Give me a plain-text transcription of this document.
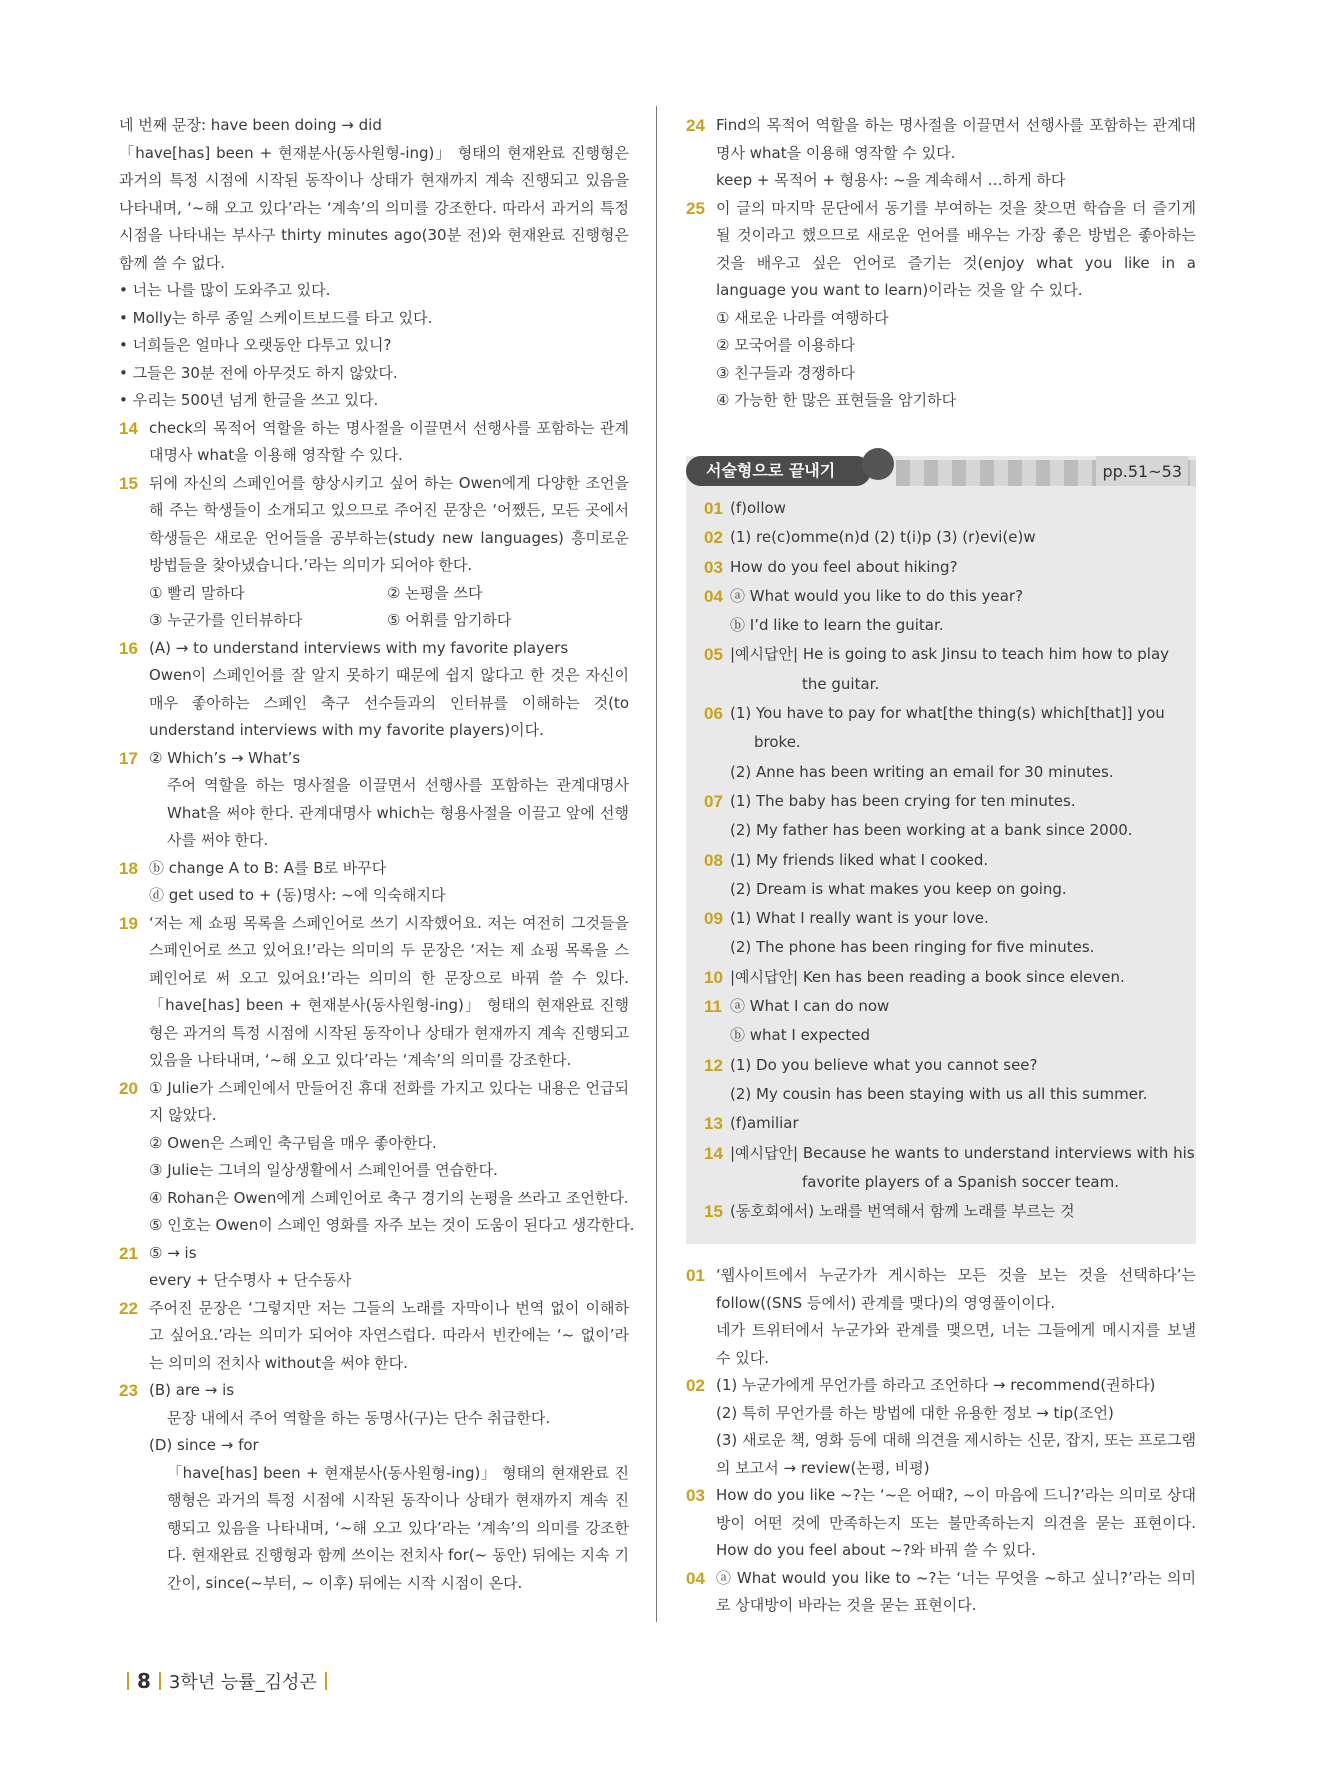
네 번째 문장: have been doing → did
「have[has] been + 현재분사(동사원형-ing)」 형태의 현재완료 진행형은 과거의 특정 시점에 시작된 동작이나 상태가 현재까지 계속 진행되고 있음을 나타내며, ‘~해 오고 있다’라는 ‘계속’의 의미를 강조한다. 따라서 과거의 특정 시점을 나타내는 부사구 thirty minutes ago(30분 전)와 현재완료 진행형은 함께 쓸 수 없다.
• 너는 나를 많이 도와주고 있다.
• Molly는 하루 종일 스케이트보드를 타고 있다.
• 너희들은 얼마나 오랫동안 다투고 있니?
• 그들은 30분 전에 아무것도 하지 않았다.
• 우리는 500년 넘게 한글을 쓰고 있다.
14 check의 목적어 역할을 하는 명사절을 이끌면서 선행사를 포함하는 관계대명사 what을 이용해 영작할 수 있다.
15 뒤에 자신의 스페인어를 향상시키고 싶어 하는 Owen에게 다양한 조언을 해 주는 학생들이 소개되고 있으므로 주어진 문장은 ‘어쨌든, 모든 곳에서 학생들은 새로운 언어들을 공부하는(study new languages) 흥미로운 방법들을 찾아냈습니다.’라는 의미가 되어야 한다.
① 빨리 말하다	② 논평을 쓰다
③ 누군가를 인터뷰하다	⑤ 어휘를 암기하다
16 (A) → to understand interviews with my favorite players
Owen이 스페인어를 잘 알지 못하기 때문에 쉽지 않다고 한 것은 자신이 매우 좋아하는 스페인 축구 선수들과의 인터뷰를 이해하는 것(to understand interviews with my favorite players)이다.
17 ② Which’s → What’s
주어 역할을 하는 명사절을 이끌면서 선행사를 포함하는 관계대명사 What을 써야 한다. 관계대명사 which는 형용사절을 이끌고 앞에 선행사를 써야 한다.
18 ⓑ change A to B: A를 B로 바꾸다
ⓓ get used to + (동)명사: ~에 익숙해지다
19 ‘저는 제 쇼핑 목록을 스페인어로 쓰기 시작했어요. 저는 여전히 그것들을 스페인어로 쓰고 있어요!’라는 의미의 두 문장은 ‘저는 제 쇼핑 목록을 스페인어로 써 오고 있어요!’라는 의미의 한 문장으로 바꿔 쓸 수 있다. 「have[has] been + 현재분사(동사원형-ing)」 형태의 현재완료 진행형은 과거의 특정 시점에 시작된 동작이나 상태가 현재까지 계속 진행되고 있음을 나타내며, ‘~해 오고 있다’라는 ‘계속’의 의미를 강조한다.
20 ① Julie가 스페인에서 만들어진 휴대 전화를 가지고 있다는 내용은 언급되지 않았다.
② Owen은 스페인 축구팀을 매우 좋아한다.
③ Julie는 그녀의 일상생활에서 스페인어를 연습한다.
④ Rohan은 Owen에게 스페인어로 축구 경기의 논평을 쓰라고 조언한다.
⑤ 인호는 Owen이 스페인 영화를 자주 보는 것이 도움이 된다고 생각한다.
21 ⑤ → is
every + 단수명사 + 단수동사
22 주어진 문장은 ‘그렇지만 저는 그들의 노래를 자막이나 번역 없이 이해하고 싶어요.’라는 의미가 되어야 자연스럽다. 따라서 빈칸에는 ‘~ 없이’라는 의미의 전치사 without을 써야 한다.
23 (B) are → is
문장 내에서 주어 역할을 하는 동명사(구)는 단수 취급한다.
(D) since → for
「have[has] been + 현재분사(동사원형-ing)」 형태의 현재완료 진행형은 과거의 특정 시점에 시작된 동작이나 상태가 현재까지 계속 진행되고 있음을 나타내며, ‘~해 오고 있다’라는 ‘계속’의 의미를 강조한다. 현재완료 진행형과 함께 쓰이는 전치사 for(~ 동안) 뒤에는 지속 기간이, since(~부터, ~ 이후) 뒤에는 시작 시점이 온다.
24 Find의 목적어 역할을 하는 명사절을 이끌면서 선행사를 포함하는 관계대명사 what을 이용해 영작할 수 있다.
keep + 목적어 + 형용사: ~을 계속해서 …하게 하다
25 이 글의 마지막 문단에서 동기를 부여하는 것을 찾으면 학습을 더 즐기게 될 것이라고 했으므로 새로운 언어를 배우는 가장 좋은 방법은 좋아하는 것을 배우고 싶은 언어로 즐기는 것(enjoy what you like in a language you want to learn)이라는 것을 알 수 있다.
① 새로운 나라를 여행하다
② 모국어를 이용하다
③ 친구들과 경쟁하다
④ 가능한 한 많은 표현들을 암기하다
서술형으로 끝내기	pp.51~53
01 (f)ollow
02 (1) re(c)omme(n)d (2) t(i)p (3) (r)evi(e)w
03 How do you feel about hiking?
04 ⓐ What would you like to do this year?
ⓑ I’d like to learn the guitar.
05 |예시답안| He is going to ask Jinsu to teach him how to play
the guitar.
06 (1) You have to pay for what[the thing(s) which[that]] you
broke.
(2) Anne has been writing an email for 30 minutes.
07 (1) The baby has been crying for ten minutes.
(2) My father has been working at a bank since 2000.
08 (1) My friends liked what I cooked.
(2) Dream is what makes you keep on going.
09 (1) What I really want is your love.
(2) The phone has been ringing for five minutes.
10 |예시답안| Ken has been reading a book since eleven.
11 ⓐ What I can do now
ⓑ what I expected
12 (1) Do you believe what you cannot see?
(2) My cousin has been staying with us all this summer.
13 (f)amiliar
14 |예시답안| Because he wants to understand interviews with his
favorite players of a Spanish soccer team.
15 (동호회에서) 노래를 번역해서 함께 노래를 부르는 것
01 ‘웹사이트에서 누군가가 게시하는 모든 것을 보는 것을 선택하다’는 follow((SNS 등에서) 관계를 맺다)의 영영풀이이다.
네가 트위터에서 누군가와 관계를 맺으면, 너는 그들에게 메시지를 보낼 수 있다.
02 (1) 누군가에게 무언가를 하라고 조언하다 → recommend(권하다)
(2) 특히 무언가를 하는 방법에 대한 유용한 정보 → tip(조언)
(3) 새로운 책, 영화 등에 대해 의견을 제시하는 신문, 잡지, 또는 프로그램의 보고서 → review(논평, 비평)
03 How do you like ~?는 ‘~은 어때?, ~이 마음에 드니?’라는 의미로 상대방이 어떤 것에 만족하는지 또는 불만족하는지 의견을 묻는 표현이다. How do you feel about ~?와 바꿔 쓸 수 있다.
04 ⓐ What would you like to ~?는 ‘너는 무엇을 ~하고 싶니?’라는 의미로 상대방이 바라는 것을 묻는 표현이다.
8 3학년 능률_김성곤
